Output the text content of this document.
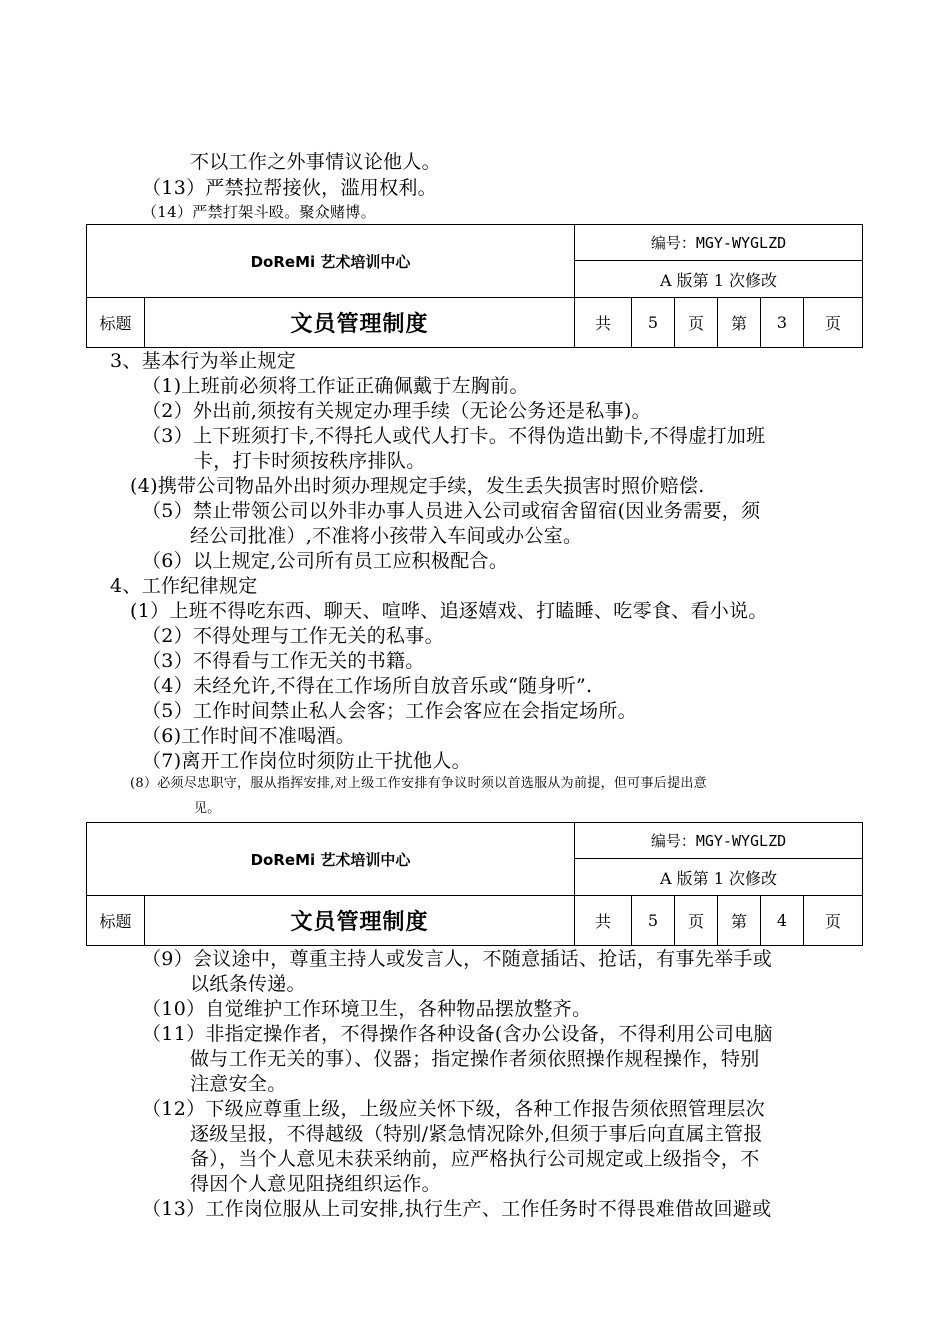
不以工作之外事情议论他人。
（13）严禁拉帮接伙，滥用权利。
（14）严禁打架斗殴。聚众赌博。
DoReMi 艺术培训中心		编号：MGY-WYGLZD					
		A 版第 1 次修改					
标题	文员管理制度	共	5	页	第	3	页
3、基本行为举止规定
（1)上班前必须将工作证正确佩戴于左胸前。
（2）外出前,须按有关规定办理手续（无论公务还是私事)。
（3）上下班须打卡,不得托人或代人打卡。不得伪造出勤卡,不得虚打加班
卡，打卡时须按秩序排队。
(4)携带公司物品外出时须办理规定手续，发生丢失损害时照价赔偿.
（5）禁止带领公司以外非办事人员进入公司或宿舍留宿(因业务需要，须
经公司批准）,不准将小孩带入车间或办公室。
（6）以上规定,公司所有员工应积极配合。
4、工作纪律规定
(1）上班不得吃东西、聊天、喧哗、追逐嬉戏、打瞌睡、吃零食、看小说。
（2）不得处理与工作无关的私事。
（3）不得看与工作无关的书籍。
（4）未经允许,不得在工作场所自放音乐或“随身听”.
（5）工作时间禁止私人会客；工作会客应在会指定场所。
（6)工作时间不准喝酒。
（7)离开工作岗位时须防止干扰他人。
(8）必须尽忠职守，服从指挥安排,对上级工作安排有争议时须以首选服从为前提，但可事后提出意
见。
DoReMi 艺术培训中心		编号：MGY-WYGLZD					
		A 版第 1 次修改					
标题	文员管理制度	共	5	页	第	4	页
（9）会议途中，尊重主持人或发言人，不随意插话、抢话，有事先举手或
以纸条传递。
（10）自觉维护工作环境卫生，各种物品摆放整齐。
（11）非指定操作者，不得操作各种设备(含办公设备，不得利用公司电脑
做与工作无关的事）、仪器；指定操作者须依照操作规程操作，特别
注意安全。
（12）下级应尊重上级，上级应关怀下级，各种工作报告须依照管理层次
逐级呈报，不得越级（特别/紧急情况除外,但须于事后向直属主管报
备），当个人意见未获采纳前，应严格执行公司规定或上级指令，不
得因个人意见阻挠组织运作。
（13）工作岗位服从上司安排,执行生产、工作任务时不得畏难借故回避或
